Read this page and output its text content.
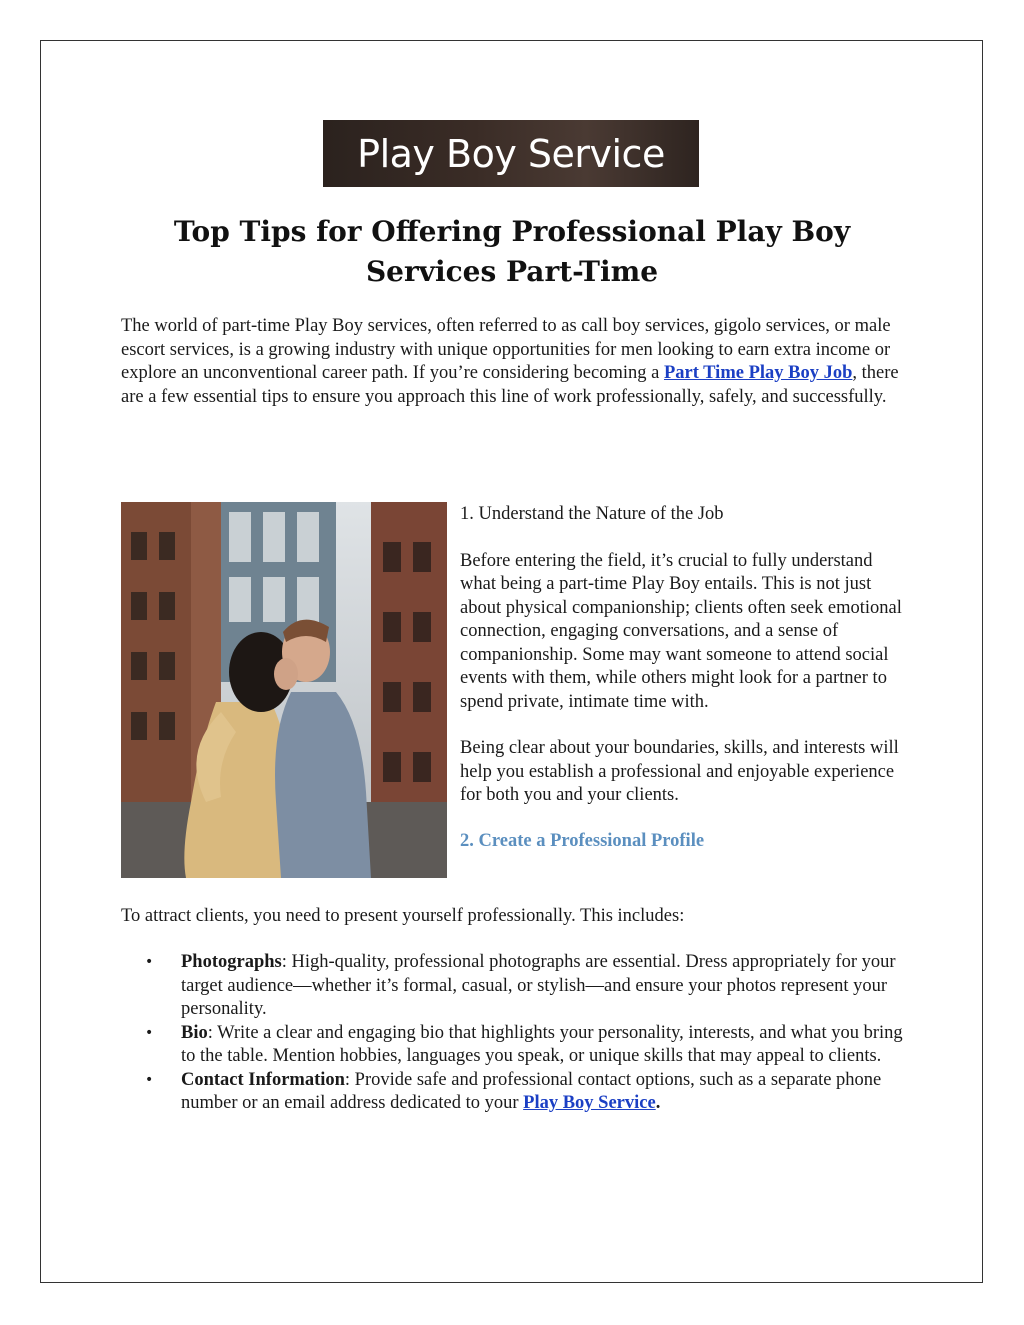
Play Boy Service
Top Tips for Offering Professional Play Boy Services Part-Time

The world of part-time Play Boy services, often referred to as call boy services, gigolo services, or male escort services, is a growing industry with unique opportunities for men looking to earn extra income or explore an unconventional career path. If you’re considering becoming a Part Time Play Boy Job, there are a few essential tips to ensure you approach this line of work professionally, safely, and successfully.

1. Understand the Nature of the Job

Before entering the field, it’s crucial to fully understand what being a part-time Play Boy entails. This is not just about physical companionship; clients often seek emotional connection, engaging conversations, and a sense of companionship. Some may want someone to attend social events with them, while others might look for a partner to spend private, intimate time with.

Being clear about your boundaries, skills, and interests will help you establish a professional and enjoyable experience for both you and your clients.

2. Create a Professional Profile

To attract clients, you need to present yourself professionally. This includes:

• Photographs: High-quality, professional photographs are essential. Dress appropriately for your target audience—whether it’s formal, casual, or stylish—and ensure your photos represent your personality.
• Bio: Write a clear and engaging bio that highlights your personality, interests, and what you bring to the table. Mention hobbies, languages you speak, or unique skills that may appeal to clients.
• Contact Information: Provide safe and professional contact options, such as a separate phone number or an email address dedicated to your Play Boy Service.
